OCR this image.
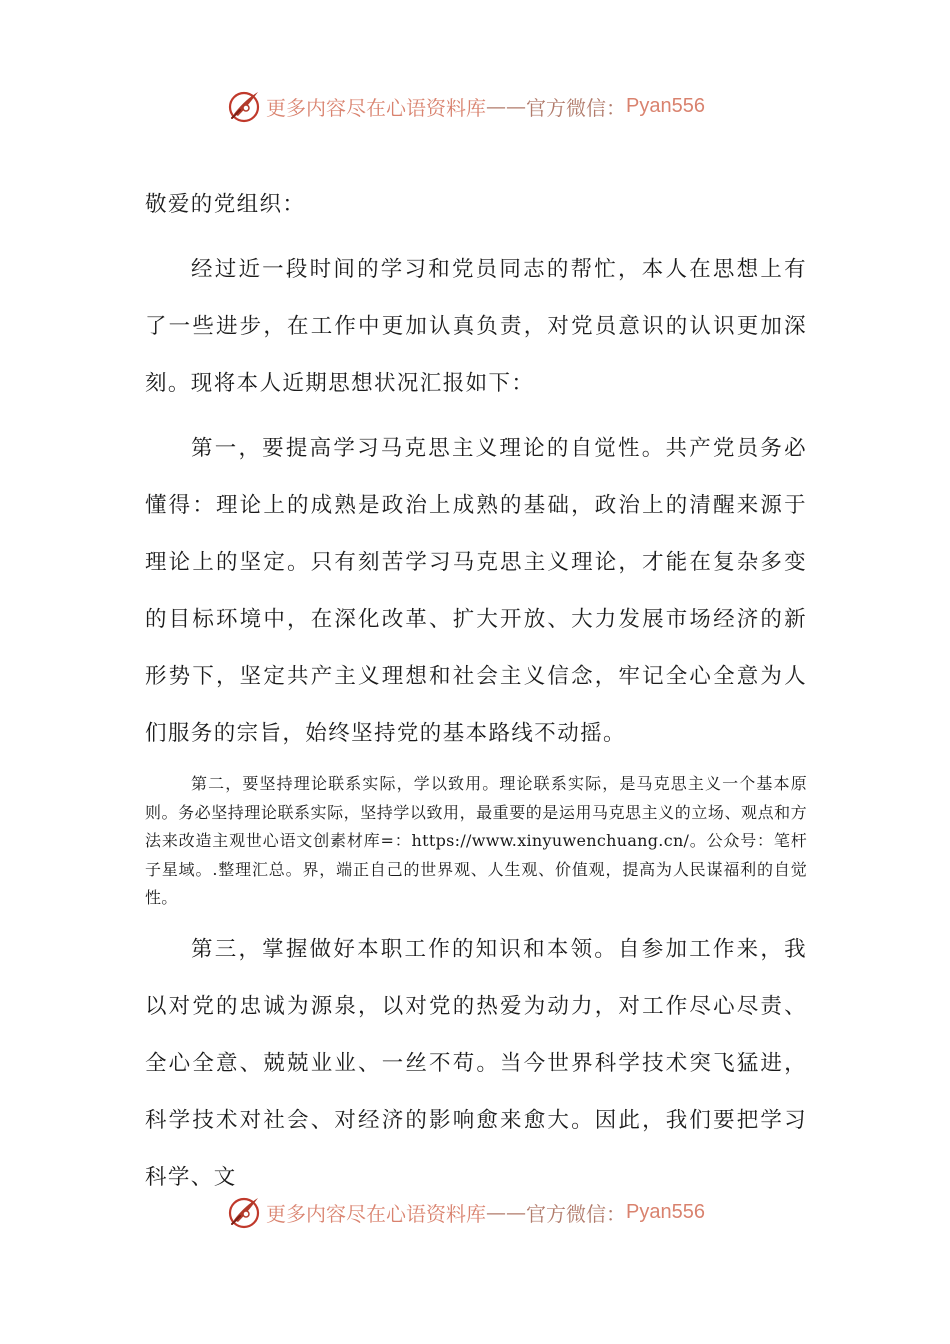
更多内容尽在心语资料库 —— 官方微信： Pyan556

敬爱的党组织：

经过近一段时间的学习和党员同志的帮忙，本人在思想上有了一些进步，在工作中更加认真负责，对党员意识的认识更加深刻。现将本人近期思想状况汇报如下：

第一，要提高学习马克思主义理论的自觉性。共产党员务必懂得：理论上的成熟是政治上成熟的基础，政治上的清醒来源于理论上的坚定。只有刻苦学习马克思主义理论，才能在复杂多变的目标环境中，在深化改革、扩大开放、大力发展市场经济的新形势下，坚定共产主义理想和社会主义信念，牢记全心全意为人们服务的宗旨，始终坚持党的基本路线不动摇。

第二，要坚持理论联系实际，学以致用。理论联系实际，是马克思主义一个基本原则。务必坚持理论联系实际，坚持学以致用，最重要的是运用马克思主义的立场、观点和方法来改造主观世心语文创素材库=：https://www.xinyuwenchuang.cn/。公众号：笔杆子星域。.整理汇总。界，端正自己的世界观、人生观、价值观，提高为人民谋福利的自觉性。

第三，掌握做好本职工作的知识和本领。自参加工作来，我以对党的忠诚为源泉，以对党的热爱为动力，对工作尽心尽责、全心全意、兢兢业业、一丝不苟。当今世界科学技术突飞猛进，科学技术对社会、对经济的影响愈来愈大。因此，我们要把学习科学、文

更多内容尽在心语资料库 —— 官方微信： Pyan556
